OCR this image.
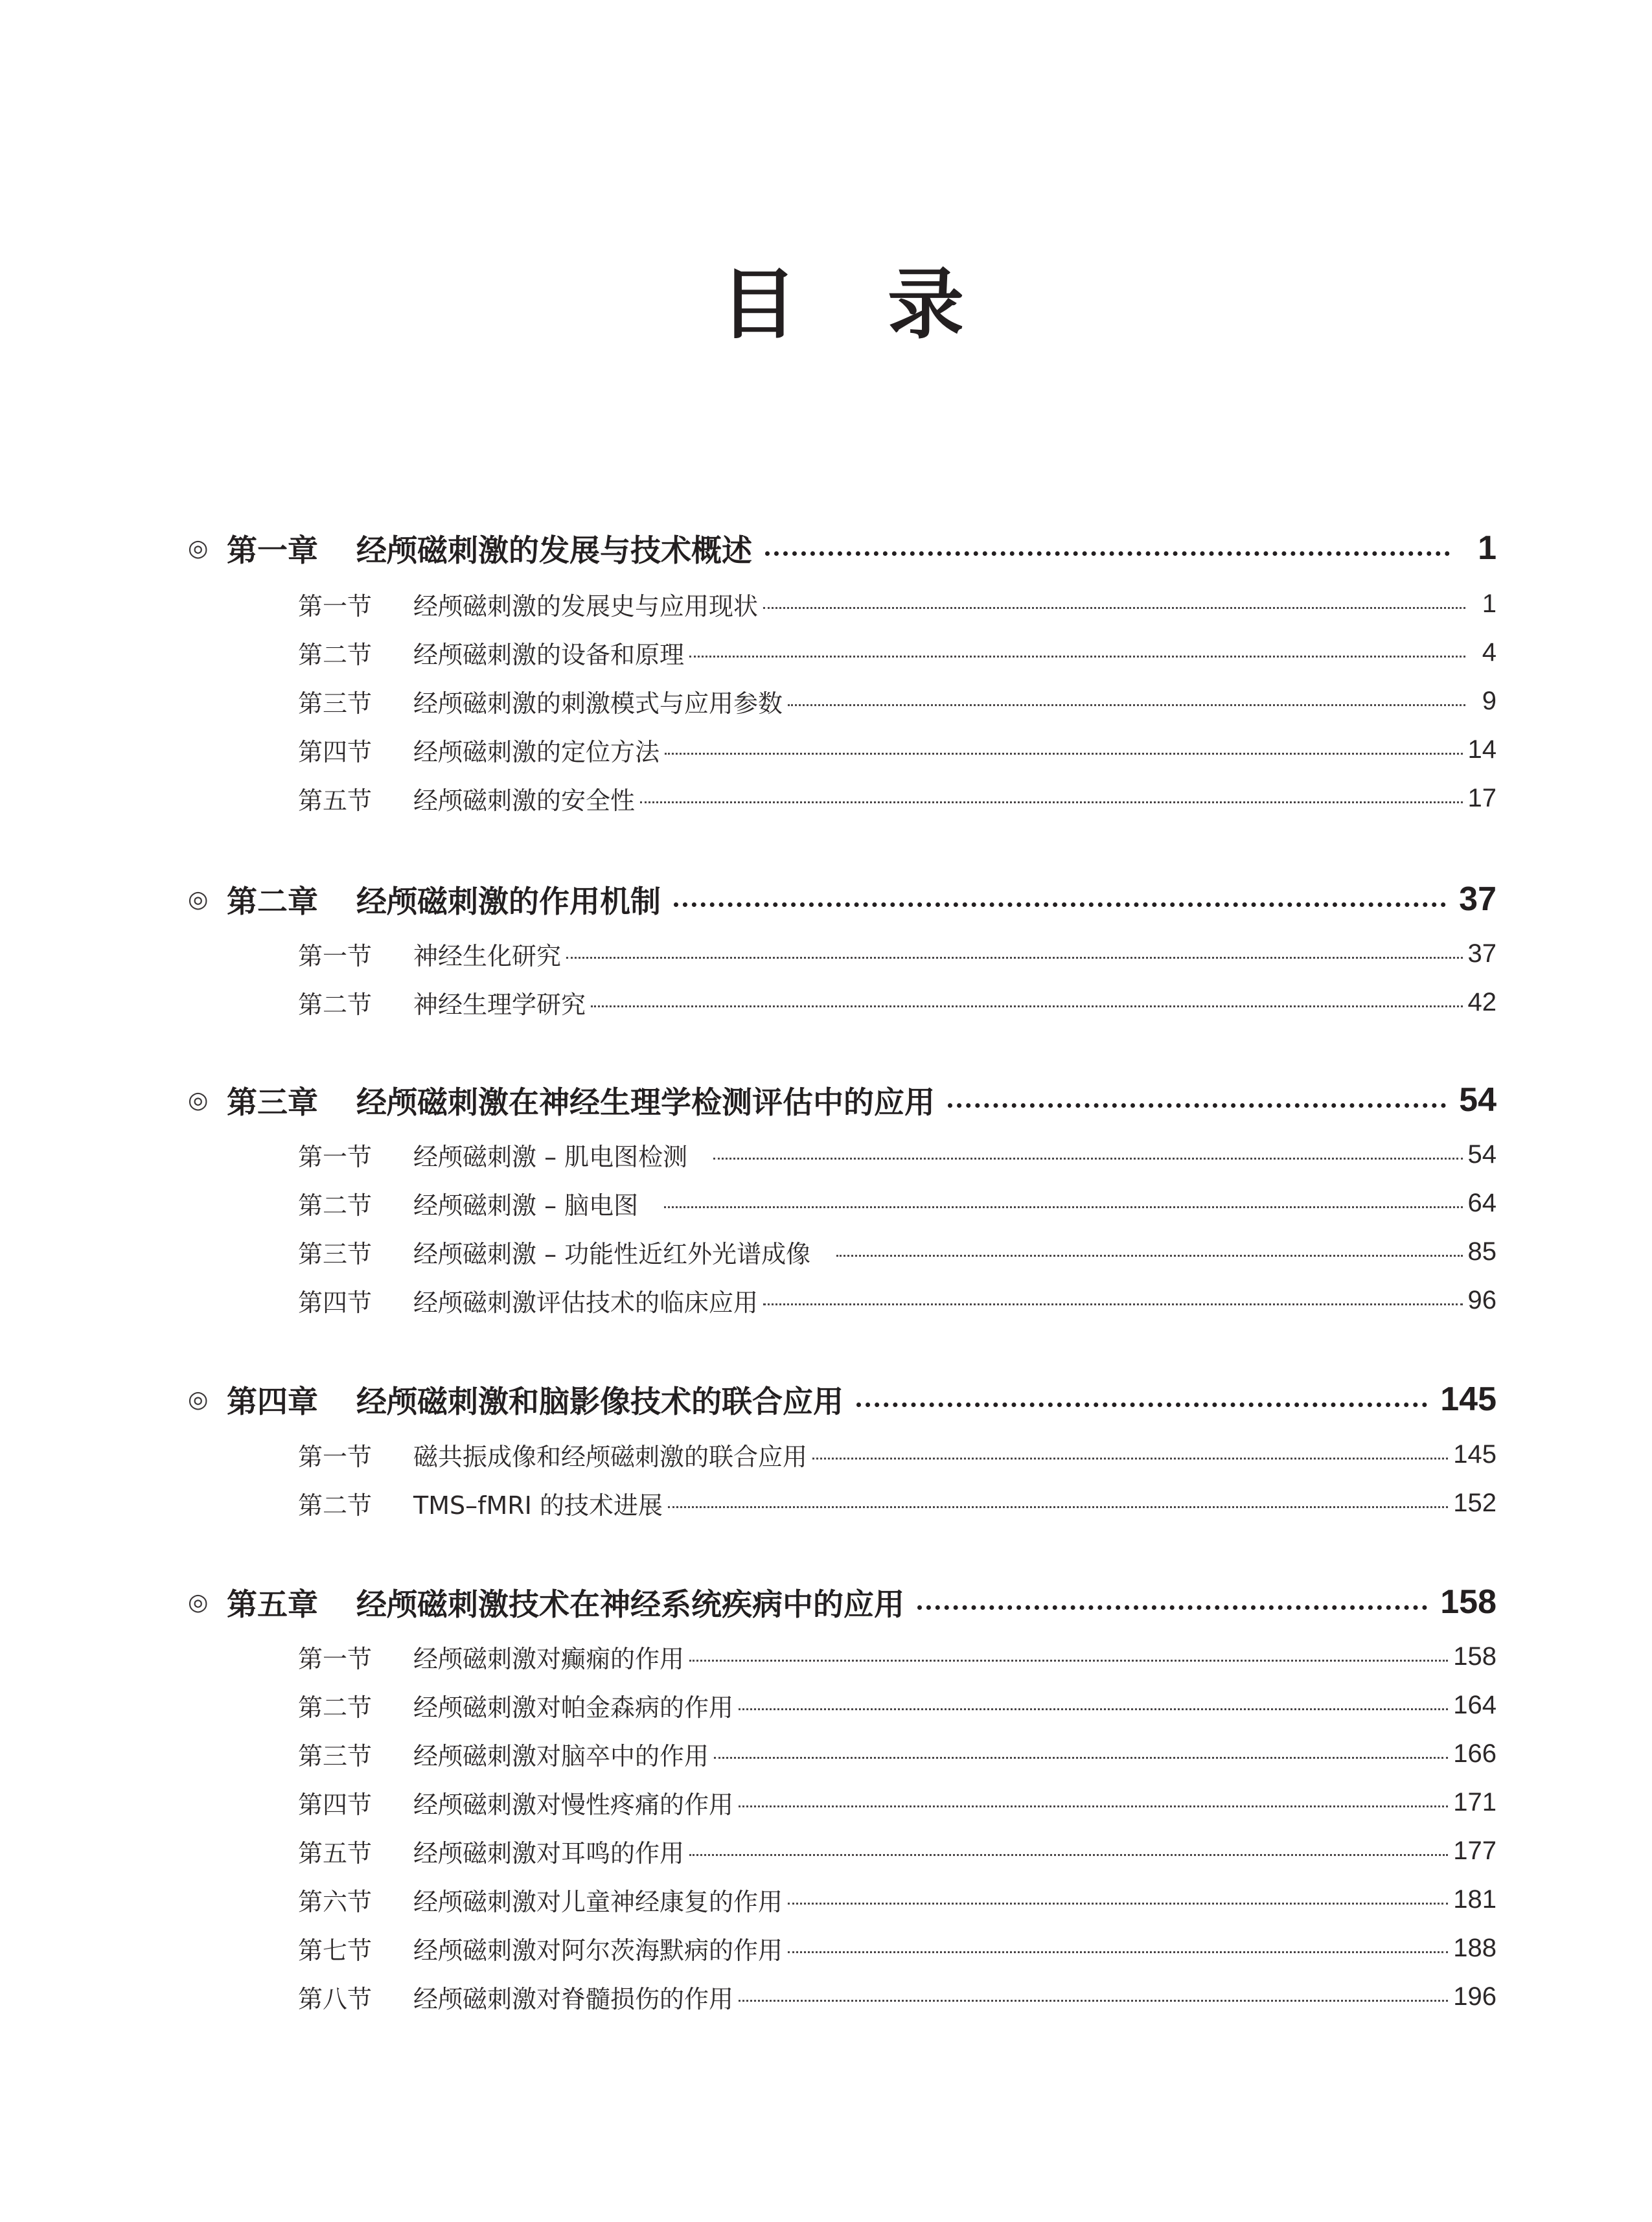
目 录
◎ 第一章	经颅磁刺激的发展与技术概述	1
第一节	经颅磁刺激的发展史与应用现状	1
第二节	经颅磁刺激的设备和原理	4
第三节	经颅磁刺激的刺激模式与应用参数	9
第四节	经颅磁刺激的定位方法	14
第五节	经颅磁刺激的安全性	17
◎ 第二章	经颅磁刺激的作用机制	37
第一节	神经生化研究	37
第二节	神经生理学研究	42
◎ 第三章	经颅磁刺激在神经生理学检测评估中的应用	54
第一节	经颅磁刺激 – 肌电图检测	54
第二节	经颅磁刺激 – 脑电图	64
第三节	经颅磁刺激 – 功能性近红外光谱成像	85
第四节	经颅磁刺激评估技术的临床应用	96
◎ 第四章	经颅磁刺激和脑影像技术的联合应用	145
第一节	磁共振成像和经颅磁刺激的联合应用	145
第二节	TMS–fMRI 的技术进展	152
◎ 第五章	经颅磁刺激技术在神经系统疾病中的应用	158
第一节	经颅磁刺激对癫痫的作用	158
第二节	经颅磁刺激对帕金森病的作用	164
第三节	经颅磁刺激对脑卒中的作用	166
第四节	经颅磁刺激对慢性疼痛的作用	171
第五节	经颅磁刺激对耳鸣的作用	177
第六节	经颅磁刺激对儿童神经康复的作用	181
第七节	经颅磁刺激对阿尔茨海默病的作用	188
第八节	经颅磁刺激对脊髓损伤的作用	196
